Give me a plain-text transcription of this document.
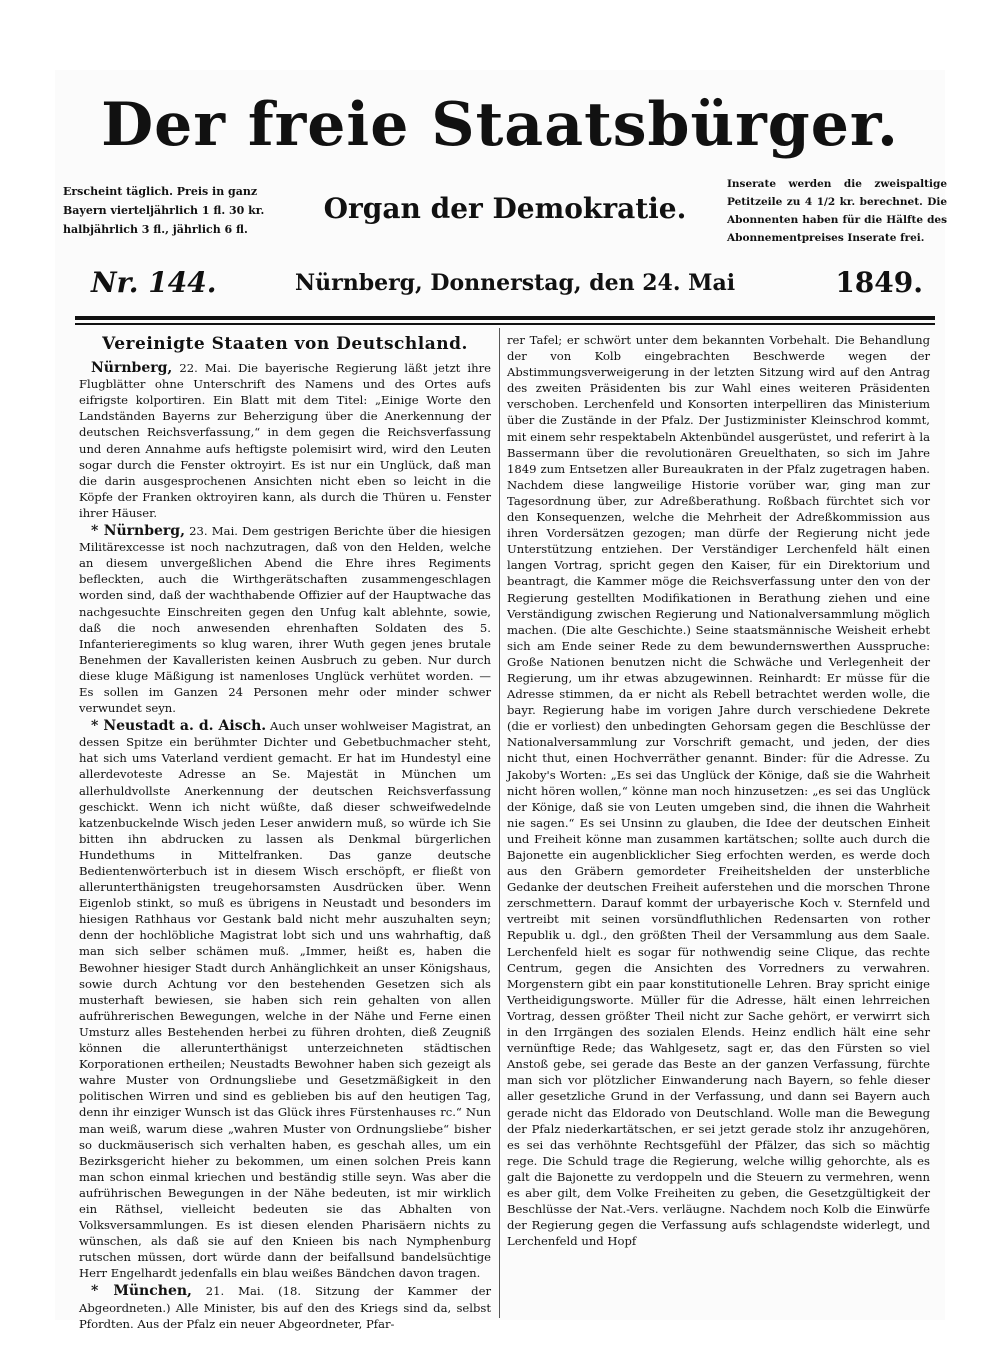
Der freie Staatsbürger.
Erscheint täglich. Preis in ganz Bayern vierteljährlich 1 fl. 30 kr. halbjährlich 3 fl., jährlich 6 fl.
Organ der Demokratie.
Inserate werden die zweispaltige Petitzeile zu 4 1/2 kr. berechnet. Die Abonnenten haben für die Hälfte des Abonnementpreises Inserate frei.
Nr. 144.	Nürnberg, Donnerstag, den 24. Mai	1849.
Vereinigte Staaten von Deutschland.

Nürnberg, 22. Mai. Die bayerische Regierung läßt jetzt ihre Flugblätter ohne Unterschrift des Namens und des Ortes aufs eifrigste kolportiren. Ein Blatt mit dem Titel: „Einige Worte den Landständen Bayerns zur Beherzigung über die Anerkennung der deutschen Reichsverfassung,“ in dem gegen die Reichsverfassung und deren Annahme aufs heftigste polemisirt wird, wird den Leuten sogar durch die Fenster oktroyirt. Es ist nur ein Unglück, daß man die darin ausgesprochenen Ansichten nicht eben so leicht in die Köpfe der Franken oktroyiren kann, als durch die Thüren u. Fenster ihrer Häuser.

* Nürnberg, 23. Mai. Dem gestrigen Berichte über die hiesigen Militärexcesse ist noch nachzutragen, daß von den Helden, welche an diesem unvergeßlichen Abend die Ehre ihres Regiments befleckten, auch die Wirthgerätschaften zusammengeschlagen worden sind, daß der wachthabende Offizier auf der Hauptwache das nachgesuchte Einschreiten gegen den Unfug kalt ablehnte, sowie, daß die noch anwesenden ehrenhaften Soldaten des 5. Infanterieregiments so klug waren, ihrer Wuth gegen jenes brutale Benehmen der Kavalleristen keinen Ausbruch zu geben. Nur durch diese kluge Mäßigung ist namenloses Unglück verhütet worden. — Es sollen im Ganzen 24 Personen mehr oder minder schwer verwundet seyn.

* Neustadt a. d. Aisch. Auch unser wohlweiser Magistrat, an dessen Spitze ein berühmter Dichter und Gebetbuchmacher steht, hat sich ums Vaterland verdient gemacht. Er hat im Hundestyl eine allerdevoteste Adresse an Se. Majestät in München um allerhuldvollste Anerkennung der deutschen Reichsverfassung geschickt. Wenn ich nicht wüßte, daß dieser schweifwedelnde katzenbuckelnde Wisch jeden Leser anwidern muß, so würde ich Sie bitten ihn abdrucken zu lassen als Denkmal bürgerlichen Hundethums in Mittelfranken. Das ganze deutsche Bedientenwörterbuch ist in diesem Wisch erschöpft, er fließt von allerunterthänigsten treugehorsamsten Ausdrücken über. Wenn Eigenlob stinkt, so muß es übrigens in Neustadt und besonders im hiesigen Rathhaus vor Gestank bald nicht mehr auszuhalten seyn; denn der hochlöbliche Magistrat lobt sich und uns wahrhaftig, daß man sich selber schämen muß. „Immer, heißt es, haben die Bewohner hiesiger Stadt durch Anhänglichkeit an unser Königshaus, sowie durch Achtung vor den bestehenden Gesetzen sich als musterhaft bewiesen, sie haben sich rein gehalten von allen aufrührerischen Bewegungen, welche in der Nähe und Ferne einen Umsturz alles Bestehenden herbei zu führen drohten, dieß Zeugniß können die allerunterthänigst unterzeichneten städtischen Korporationen ertheilen; Neustadts Bewohner haben sich gezeigt als wahre Muster von Ordnungsliebe und Gesetzmäßigkeit in den politischen Wirren und sind es geblieben bis auf den heutigen Tag, denn ihr einziger Wunsch ist das Glück ihres Fürstenhauses rc.“ Nun man weiß, warum diese „wahren Muster von Ordnungsliebe“ bisher so duckmäuserisch sich verhalten haben, es geschah alles, um ein Bezirksgericht hieher zu bekommen, um einen solchen Preis kann man schon einmal kriechen und beständig stille seyn. Was aber die aufrührischen Bewegungen in der Nähe bedeuten, ist mir wirklich ein Räthsel, vielleicht bedeuten sie das Abhalten von Volksversammlungen. Es ist diesen elenden Pharisäern nichts zu wünschen, als daß sie auf den Knieen bis nach Nymphenburg rutschen müssen, dort würde dann der beifallsund bandelsüchtige Herr Engelhardt jedenfalls ein blau weißes Bändchen davon tragen.

* München, 21. Mai. (18. Sitzung der Kammer der Abgeordneten.) Alle Minister, bis auf den des Kriegs sind da, selbst Pfordten. Aus der Pfalz ein neuer Abgeordneter, Pfar-

rer Tafel; er schwört unter dem bekannten Vorbehalt. Die Behandlung der von Kolb eingebrachten Beschwerde wegen der Abstimmungsverweigerung in der letzten Sitzung wird auf den Antrag des zweiten Präsidenten bis zur Wahl eines weiteren Präsidenten verschoben. Lerchenfeld und Konsorten interpelliren das Ministerium über die Zustände in der Pfalz. Der Justizminister Kleinschrod kommt, mit einem sehr respektabeln Aktenbündel ausgerüstet, und referirt à la Bassermann über die revolutionären Greuelthaten, so sich im Jahre 1849 zum Entsetzen aller Bureaukraten in der Pfalz zugetragen haben. Nachdem diese langweilige Historie vorüber war, ging man zur Tagesordnung über, zur Adreßberathung. Roßbach fürchtet sich vor den Konsequenzen, welche die Mehrheit der Adreßkommission aus ihren Vordersätzen gezogen; man dürfe der Regierung nicht jede Unterstützung entziehen. Der Verständiger Lerchenfeld hält einen langen Vortrag, spricht gegen den Kaiser, für ein Direktorium und beantragt, die Kammer möge die Reichsverfassung unter den von der Regierung gestellten Modifikationen in Berathung ziehen und eine Verständigung zwischen Regierung und Nationalversammlung möglich machen. (Die alte Geschichte.) Seine staatsmännische Weisheit erhebt sich am Ende seiner Rede zu dem bewundernswerthen Ausspruche: Große Nationen benutzen nicht die Schwäche und Verlegenheit der Regierung, um ihr etwas abzugewinnen. Reinhardt: Er müsse für die Adresse stimmen, da er nicht als Rebell betrachtet werden wolle, die bayr. Regierung habe im vorigen Jahre durch verschiedene Dekrete (die er vorliest) den unbedingten Gehorsam gegen die Beschlüsse der Nationalversammlung zur Vorschrift gemacht, und jeden, der dies nicht thut, einen Hochverräther genannt. Binder: für die Adresse. Zu Jakoby's Worten: „Es sei das Unglück der Könige, daß sie die Wahrheit nicht hören wollen,“ könne man noch hinzusetzen: „es sei das Unglück der Könige, daß sie von Leuten umgeben sind, die ihnen die Wahrheit nie sagen.“ Es sei Unsinn zu glauben, die Idee der deutschen Einheit und Freiheit könne man zusammen kartätschen; sollte auch durch die Bajonette ein augenblicklicher Sieg erfochten werden, es werde doch aus den Gräbern gemordeter Freiheitshelden der unsterbliche Gedanke der deutschen Freiheit auferstehen und die morschen Throne zerschmettern. Darauf kommt der urbayerische Koch v. Sternfeld und vertreibt mit seinen vorsündfluthlichen Redensarten von rother Republik u. dgl., den größten Theil der Versammlung aus dem Saale. Lerchenfeld hielt es sogar für nothwendig seine Clique, das rechte Centrum, gegen die Ansichten des Vorredners zu verwahren. Morgenstern gibt ein paar konstitutionelle Lehren. Bray spricht einige Vertheidigungsworte. Müller für die Adresse, hält einen lehrreichen Vortrag, dessen größter Theil nicht zur Sache gehört, er verwirrt sich in den Irrgängen des sozialen Elends. Heinz endlich hält eine sehr vernünftige Rede; das Wahlgesetz, sagt er, das den Fürsten so viel Anstoß gebe, sei gerade das Beste an der ganzen Verfassung, fürchte man sich vor plötzlicher Einwanderung nach Bayern, so fehle dieser aller gesetzliche Grund in der Verfassung, und dann sei Bayern auch gerade nicht das Eldorado von Deutschland. Wolle man die Bewegung der Pfalz niederkartätschen, er sei jetzt gerade stolz ihr anzugehören, es sei das verhöhnte Rechtsgefühl der Pfälzer, das sich so mächtig rege. Die Schuld trage die Regierung, welche willig gehorchte, als es galt die Bajonette zu verdoppeln und die Steuern zu vermehren, wenn es aber gilt, dem Volke Freiheiten zu geben, die Gesetzgültigkeit der Beschlüsse der Nat.-Vers. verläugne. Nachdem noch Kolb die Einwürfe der Regierung gegen die Verfassung aufs schlagendste widerlegt, und Lerchenfeld und Hopf
